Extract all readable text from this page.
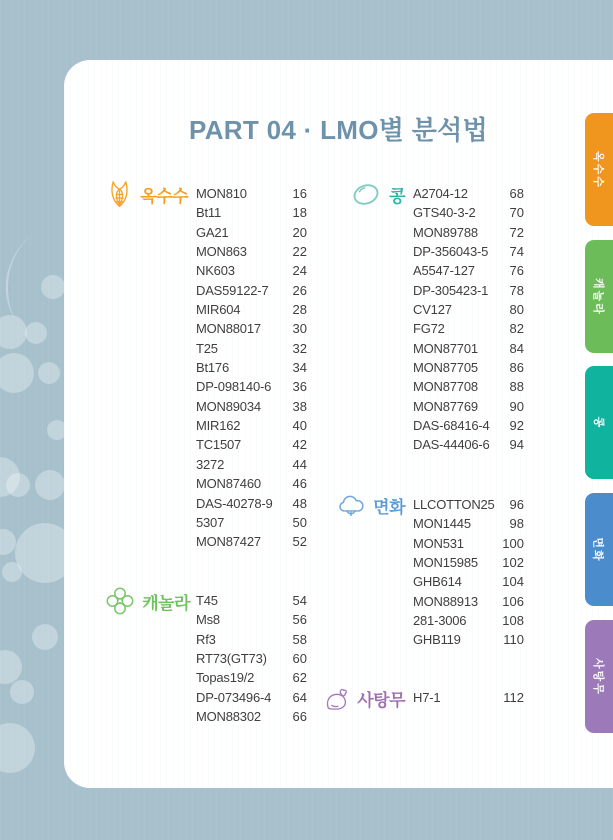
PART 04 · LMO별 분석법
옥수수 MON810	16
Bt11	18
GA21	20
MON863	22
NK603	24
DAS59122-7 26
MIR604	28
MON88017 30
T25	32
Bt176	34
DP-098140-6 36
MON89034 38
MIR162	40
TC1507	42
3272	44
MON87460 46
DAS-40278-9 48
5307	50
MON87427 52
캐놀라 T45	54
Ms8	56
Rf3	58
RT73(GT73) 60
Topas19/2	62
DP-073496-4 64
MON88302 66
콩 A2704-12	68
GTS40-3-2	70
MON89788 72
DP-356043-5 74
A5547-127	76
DP-305423-1 78
CV127	80
FG72	82
MON87701 84
MON87705 86
MON87708 88
MON87769 90
DAS-68416-4 92
DAS-44406-6 94
면화 LLCOTTON25 96
MON1445	98
MON531	100
MON15985 102
GHB614	104
MON88913 106
281-3006	108
GHB119	110
사탕무 H7-1	112
옥수수
캐놀라
콩
면화
사탕무
